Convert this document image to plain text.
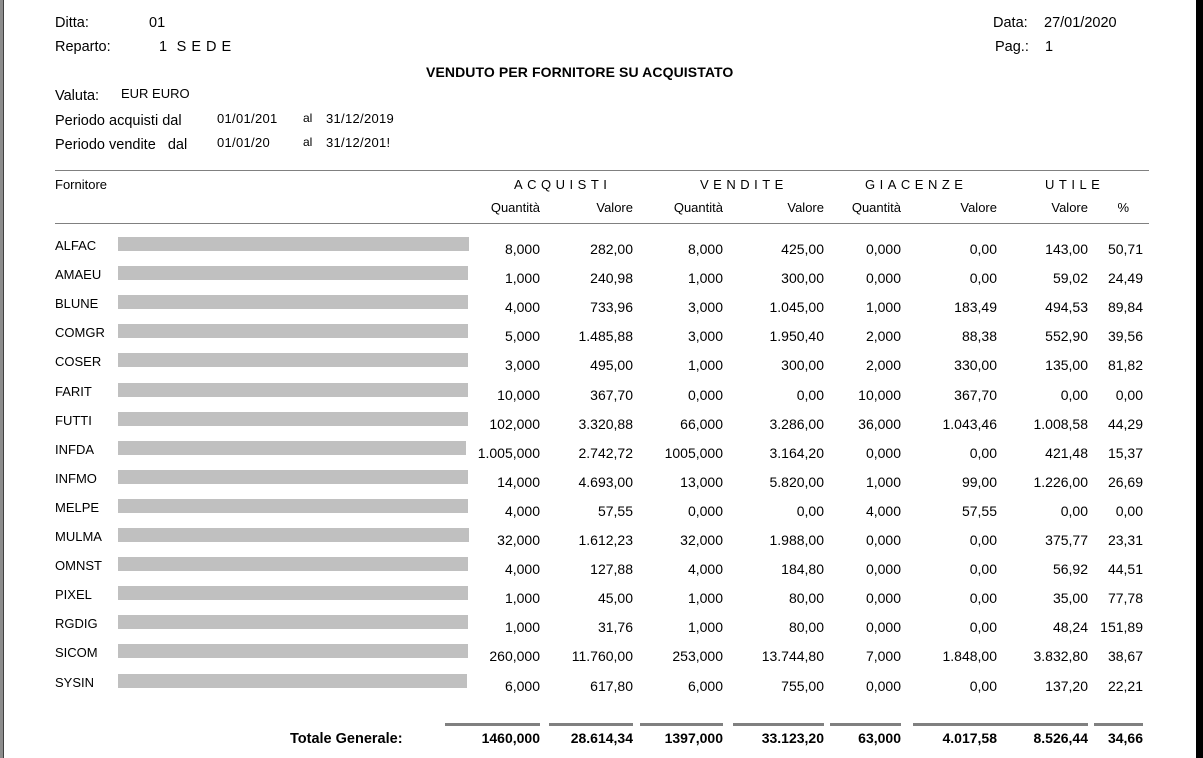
Ditta:	01
Reparto:	1  S E D E
Data: 27/01/2020
Pag.: 1
VENDUTO PER FORNITORE SU ACQUISTATO
Valuta: EUR EURO
Periodo acquisti dal	01/01/201 al 31/12/2019
Periodo vendite   dal 01/01/20	al 31/12/201!
Fornitore	ACQUISTI	VENDITE	GIACENZE	UTILE
Quantità	Valore	Quantità	Valore Quantità	Valore	Valore %
ALFAC	8,000	282,00	8,000	425,00	0,000	0,00	143,00 50,71
AMAEU	1,000	240,98	1,000	300,00	0,000	0,00	59,02 24,49
BLUNE	4,000	733,96	3,000	1.045,00	1,000	183,49	494,53 89,84
COMGR	5,000	1.485,88	3,000	1.950,40	2,000	88,38	552,90 39,56
COSER	3,000	495,00	1,000	300,00	2,000	330,00	135,00 81,82
FARIT	10,000	367,70	0,000	0,00 10,000	367,70	0,00 0,00
FUTTI	102,000	3.320,88	66,000	3.286,00 36,000	1.043,46	1.008,58 44,29
INFDA	1.005,000	2.742,72 1005,000	3.164,20	0,000	0,00	421,48 15,37
INFMO	14,000	4.693,00	13,000	5.820,00	1,000	99,00	1.226,00 26,69
MELPE	4,000	57,55	0,000	0,00	4,000	57,55	0,00 0,00
MULMA	32,000	1.612,23	32,000	1.988,00	0,000	0,00	375,77 23,31
OMNST	4,000	127,88	4,000	184,80	0,000	0,00	56,92 44,51
PIXEL	1,000	45,00	1,000	80,00	0,000	0,00	35,00 77,78
RGDIG	1,000	31,76	1,000	80,00	0,000	0,00	48,24 151,89
SICOM	260,000 11.760,00	253,000	13.744,80	7,000	1.848,00	3.832,80 38,67
SYSIN	6,000	617,80	6,000	755,00	0,000	0,00	137,20 22,21
Totale Generale:	1460,000 28.614,34 1397,000	33.123,20 63,000	4.017,58	8.526,44 34,66
